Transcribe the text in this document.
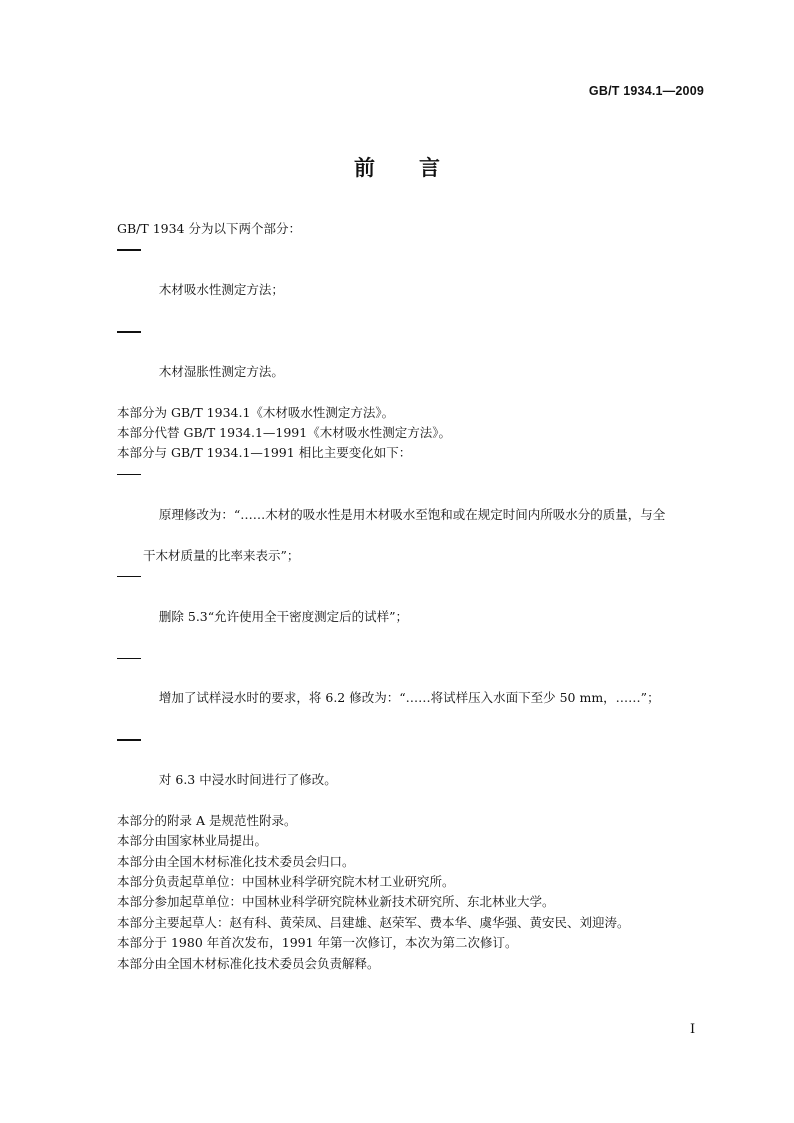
GB/T 1934.1—2009
前言

GB/T 1934 分为以下两个部分：

木材吸水性测定方法；

木材湿胀性测定方法。

本部分为 GB/T 1934.1《木材吸水性测定方法》。

本部分代替 GB/T 1934.1—1991《木材吸水性测定方法》。

本部分与 GB/T 1934.1—1991 相比主要变化如下：

原理修改为：“……木材的吸水性是用木材吸水至饱和或在规定时间内所吸水分的质量，与全

干木材质量的比率来表示”；

删除 5.3“允许使用全干密度测定后的试样”；

增加了试样浸水时的要求，将 6.2 修改为：“……将试样压入水面下至少 50 mm，……”；

对 6.3 中浸水时间进行了修改。

本部分的附录 A 是规范性附录。

本部分由国家林业局提出。

本部分由全国木材标准化技术委员会归口。

本部分负责起草单位：中国林业科学研究院木材工业研究所。

本部分参加起草单位：中国林业科学研究院林业新技术研究所、东北林业大学。

本部分主要起草人：赵有科、黄荣凤、吕建雄、赵荣军、费本华、虞华强、黄安民、刘迎涛。

本部分于 1980 年首次发布，1991 年第一次修订，本次为第二次修订。

本部分由全国木材标准化技术委员会负责解释。

I
